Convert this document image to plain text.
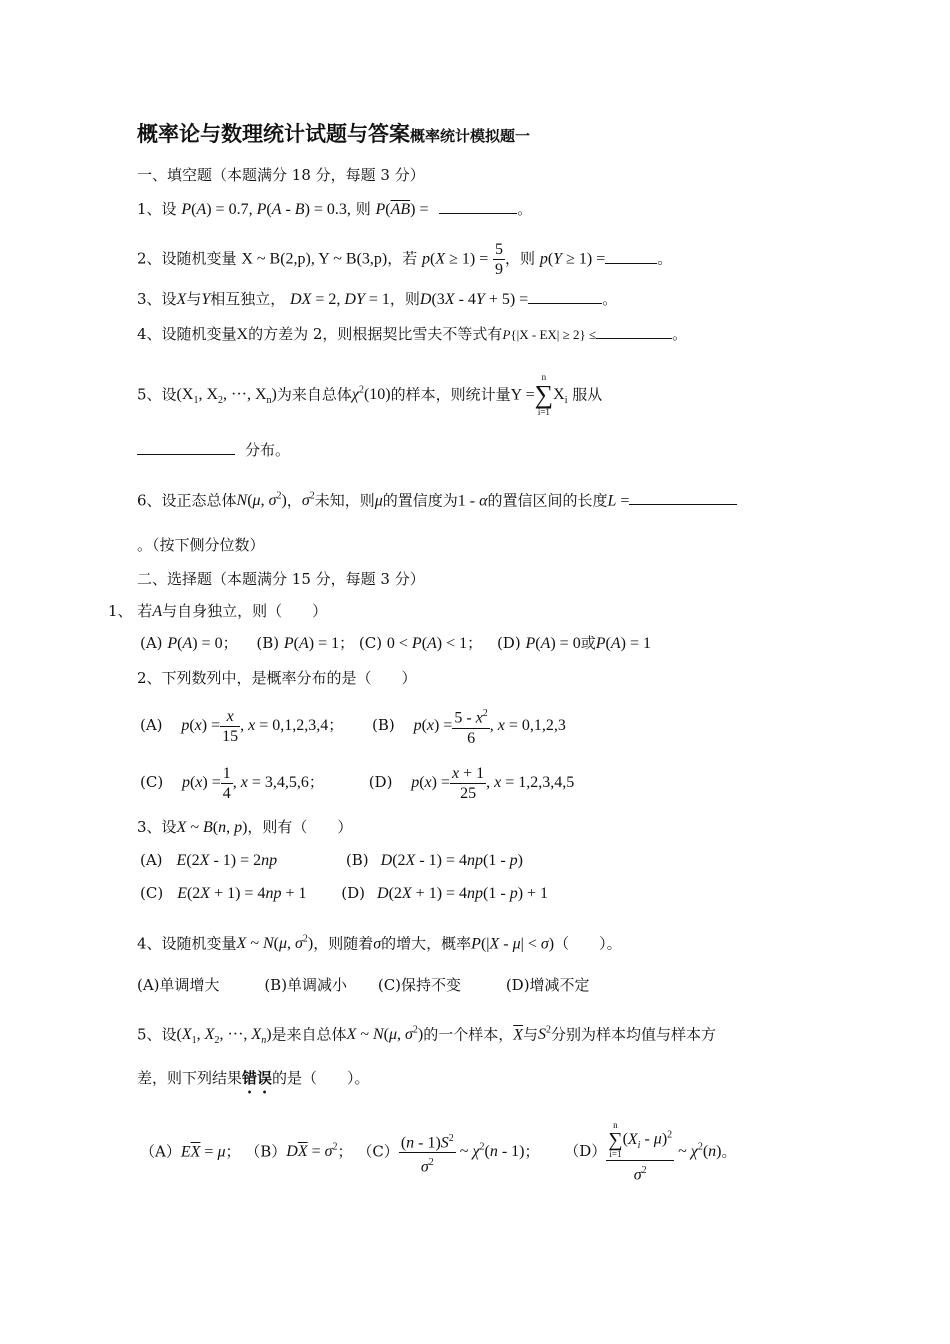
概率论与数理统计试题与答案概率统计模拟题一
一、填空题（本题满分 18 分，每题 3 分）
1、设 P(A) = 0.7, P(A - B) = 0.3, 则 $P(\overline{AB})$ =	。
2、设随机变量 X ~ B(2,p), Y ~ B(3,p)，若 $p(X \ge 1) = \frac{5}{9}$ ，则 p(Y ≥ 1) =	。
3、设X与Y相互独立， DX = 2, DY = 1，则D(3X - 4Y + 5) =	。
4、设随机变量X的方差为 2，则根据契比雪夫不等式有P{|X - EX| ≥ 2} ≤	。
5、设($X_1$, $X_2$, ···, $X_n$)为来自总体$\chi^2(10)$的样本，则统计量Y =
n
∑
i=1
$X_i$ 服从
分布。
6、设正态总体N(μ, $\sigma^2$)，$\sigma^2$未知，则μ的置信度为1 - α的置信区间的长度L =
。（按下侧分位数）
二、选择题（本题满分 15 分，每题 3 分）
1、 若A与自身独立，则（　　）
(A) P(A) = 0； (B) P(A) = 1； (C) 0 < P(A) < 1； (D) P(A) = 0或P(A) = 1
2、下列数列中，是概率分布的是（　　）
(A) $p(x) = \frac{x}{15}$ , x = 0,1,2,3,4； (B) $p(x) = \frac{5 - x^2}{6}$ , x = 0,1,2,3
(C) $p(x) = \frac{1}{4}$ , x = 3,4,5,6；	(D) $p(x) = \frac{x + 1}{25}$ , x = 1,2,3,4,5
3、设X ~ B(n, p)，则有（　　）
(A) E(2X - 1) = 2np	(B) D(2X - 1) = 4np(1 - p)
(C) E(2X + 1) = 4np + 1 (D) D(2X + 1) = 4np(1 - p) + 1
4、设随机变量X ~ N(μ, $\sigma^2$)，则随着σ的增大，概率P(|X - μ| < σ)（　　）。
(A)单调增大	(B)单调减小 (C)保持不变	(D)增减不定
5、设($X_1$, $X_2$, ···, $X_n$)是来自总体X ~ N(μ, $\sigma^2$)的一个样本，$\overline{X}$与$S^2$分别为样本均值与样本方
差，则下列结果错误的是（　　）。
$(A)E\overline{X} = \mu$； $(B)D\overline{X} = \sigma^2$； $(C) \frac{(n - 1)S^2}{\sigma^2}$ ~ $\chi^2(n - 1)$； （D） n
∑
i=1
$(X_i - \mu)^2$
$\sigma^2$ ~ $\chi^2(n)$。
